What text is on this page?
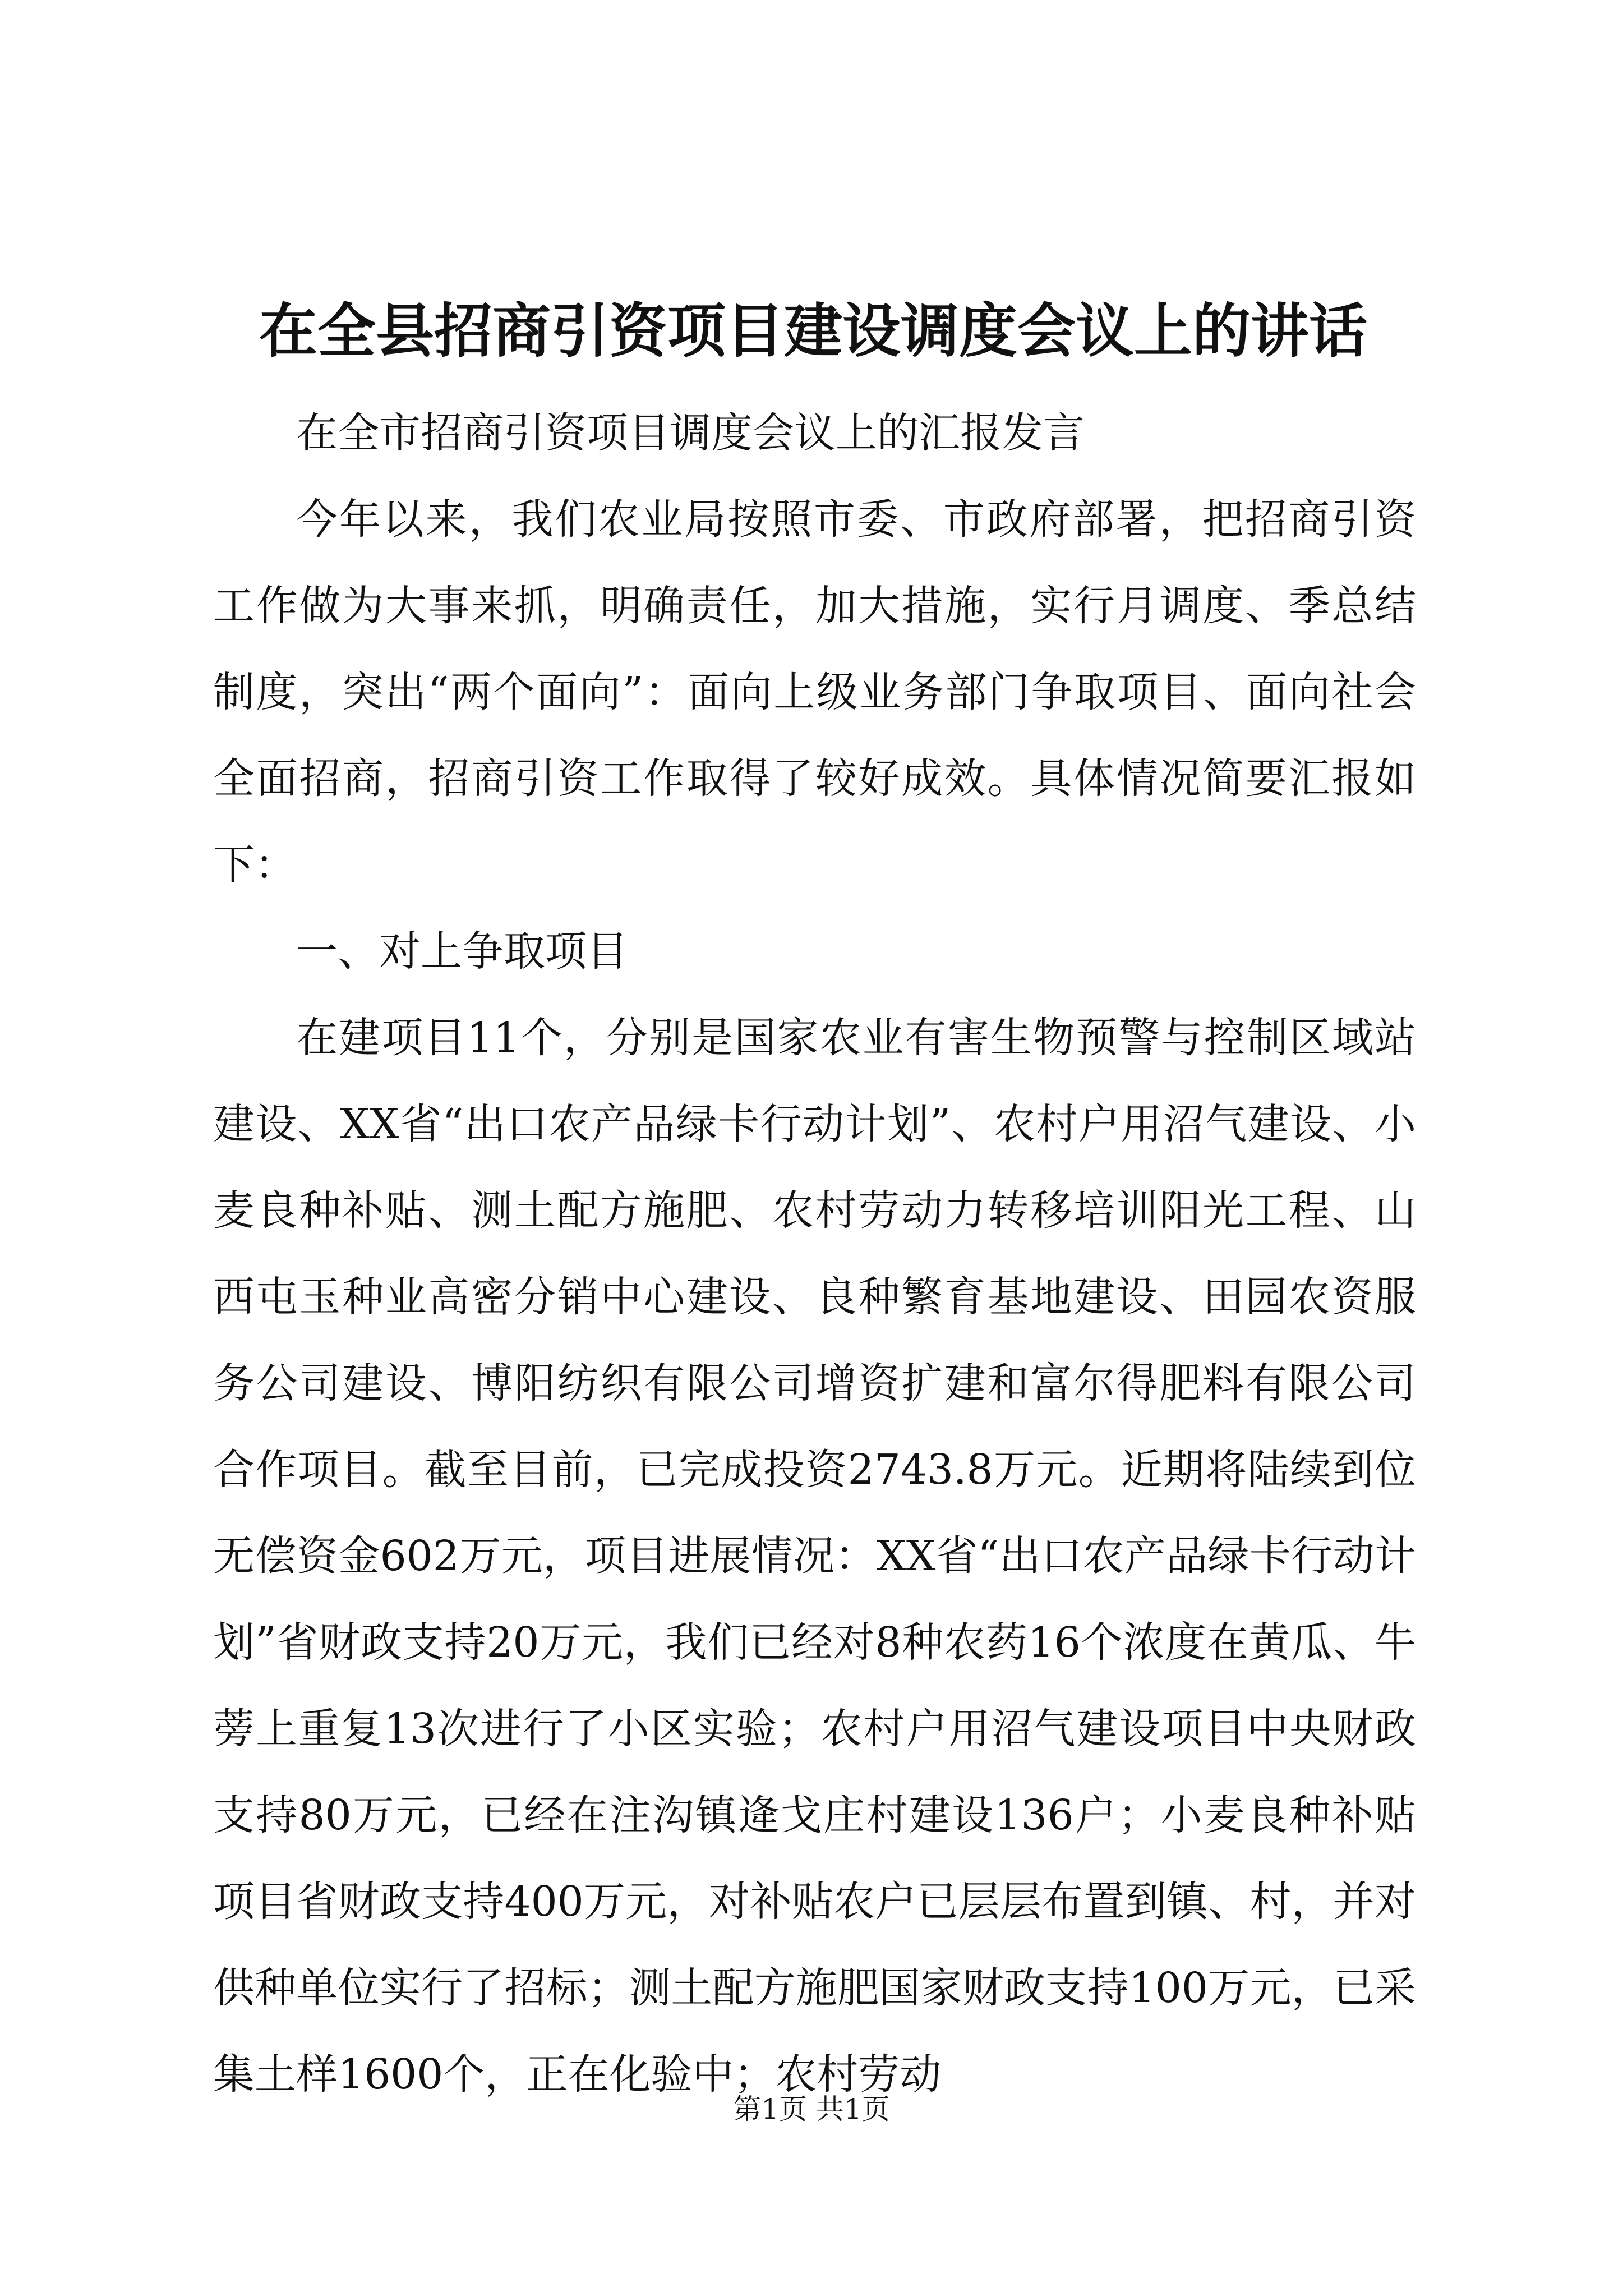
在全县招商引资项目建设调度会议上的讲话

在全市招商引资项目调度会议上的汇报发言

今年以来，我们农业局按照市委、市政府部署，把招商引资工作做为大事来抓，明确责任，加大措施，实行月调度、季总结制度，突出“两个面向”：面向上级业务部门争取项目、面向社会全面招商，招商引资工作取得了较好成效。具体情况简要汇报如下：

一、对上争取项目

在建项目11个，分别是国家农业有害生物预警与控制区域站建设、XX省“出口农产品绿卡行动计划”、农村户用沼气建设、小麦良种补贴、测土配方施肥、农村劳动力转移培训阳光工程、山西屯玉种业高密分销中心建设、良种繁育基地建设、田园农资服务公司建设、博阳纺织有限公司增资扩建和富尔得肥料有限公司合作项目。截至目前，已完成投资2743.8万元。近期将陆续到位无偿资金602万元，项目进展情况：XX省“出口农产品绿卡行动计划”省财政支持20万元，我们已经对8种农药16个浓度在黄瓜、牛蒡上重复13次进行了小区实验；农村户用沼气建设项目中央财政支持80万元，已经在注沟镇逄戈庄村建设136户；小麦良种补贴项目省财政支持400万元，对补贴农户已层层布置到镇、村，并对供种单位实行了招标；测土配方施肥国家财政支持100万元，已采集土样1600个，正在化验中；农村劳动

第1页 共1页
